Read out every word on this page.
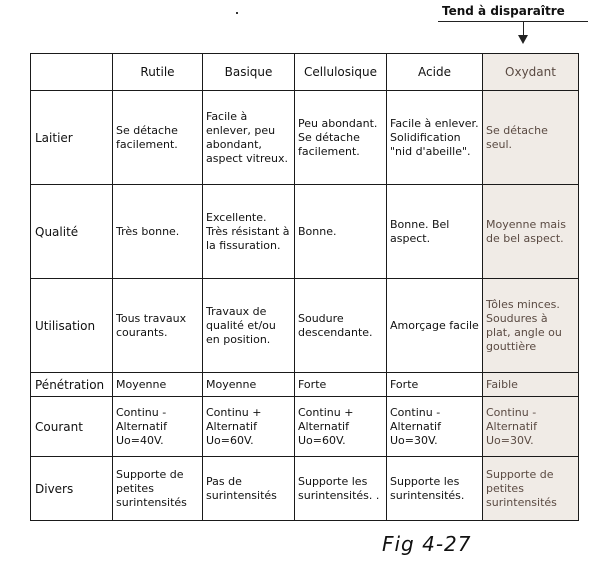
Tend à disparaître
	Rutile	Basique	Cellulosique	Acide	Oxydant
Laitier	Se détache facilement.	Facile à enlever, peu abondant, aspect vitreux.	Peu abondant. Se détache facilement.	Facile à enlever. Solidification "nid d'abeille".	Se détache seul.
Qualité	Très bonne.	Excellente. Très résistant à la fissuration.	Bonne.	Bonne. Bel aspect.	Moyenne mais de bel aspect.
Utilisation	Tous travaux courants.	Travaux de qualité et/ou en position.	Soudure descendante.	Amorçage facile	Tôles minces. Soudures à plat, angle ou gouttière
Pénétration	Moyenne	Moyenne	Forte	Forte	Faible
Courant	Continu - Alternatif Uo=40V.	Continu + Alternatif Uo=60V.	Continu + Alternatif Uo=60V.	Continu - Alternatif Uo=30V.	Continu - Alternatif Uo=30V.
Divers	Supporte de petites surintensités	Pas de surintensités	Supporte les surintensités. .	Supporte les surintensités.	Supporte de petites surintensités
Fig 4-27
